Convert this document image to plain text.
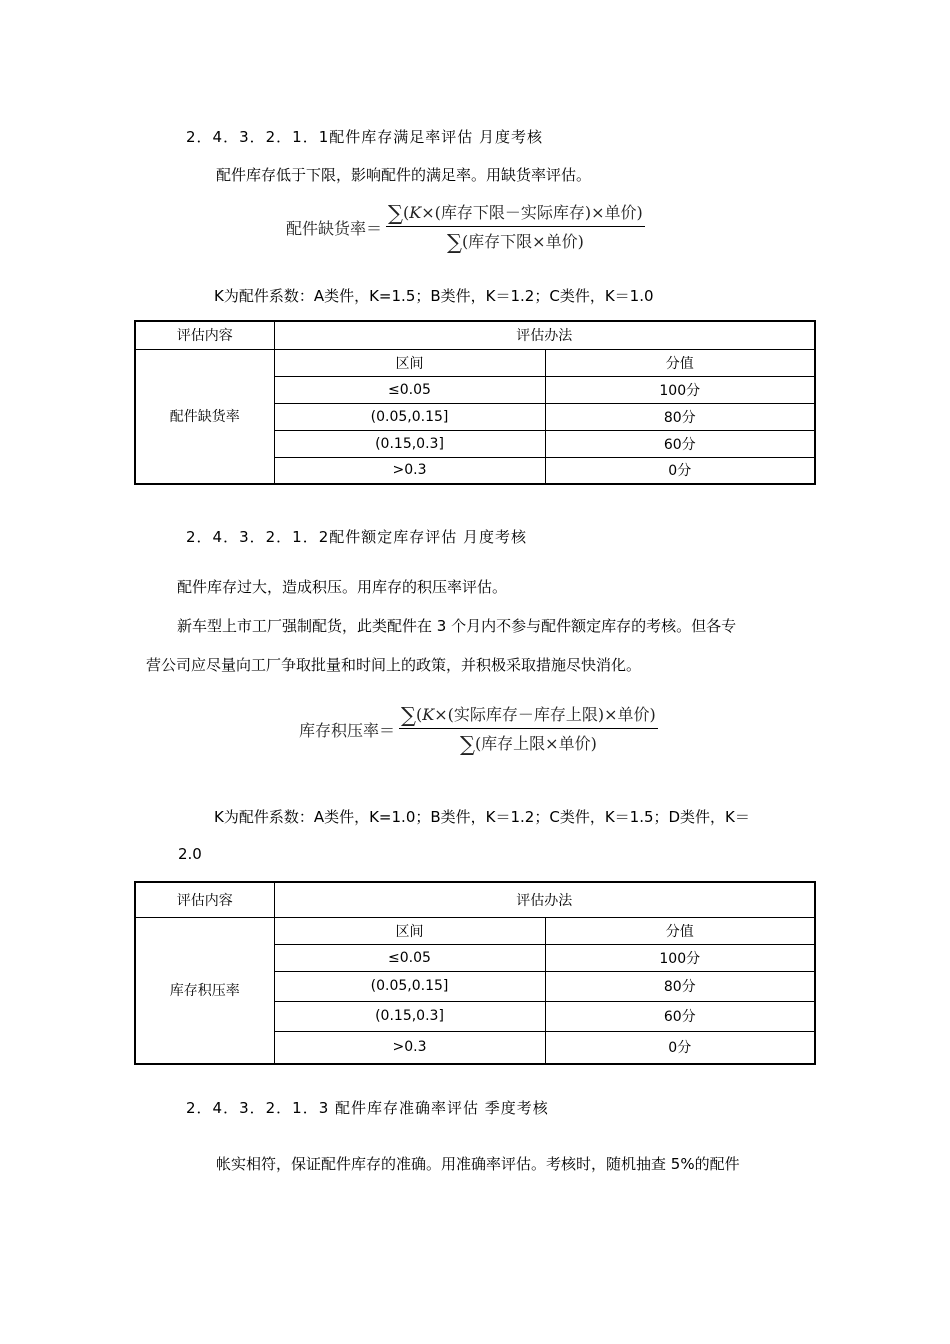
2．4．3．2．1．1配件库存满足率评估 月度考核
配件库存低于下限，影响配件的满足率。用缺货率评估。
配件缺货率＝ $\frac{\text{∑(K×(库存下限－实际库存)×单价)}}{\text{∑(库存下限×单价)}}$
K为配件系数：A类件，K=1.5；B类件，K＝1.2；C类件，K＝1.0
评估内容	评估办法	
配件缺货率	区间	分值
	≤0.05	100分
	(0.05,0.15]	80分
	(0.15,0.3]	60分
	>0.3	0分
2．4．3．2．1．2配件额定库存评估 月度考核
配件库存过大，造成积压。用库存的积压率评估。
新车型上市工厂强制配货，此类配件在 3 个月内不参与配件额定库存的考核。但各专
营公司应尽量向工厂争取批量和时间上的政策，并积极采取措施尽快消化。
库存积压率＝ $\frac{\text{∑(K×(实际库存－库存上限)×单价)}}{\text{∑(库存上限×单价)}}$
K为配件系数：A类件，K=1.0；B类件，K＝1.2；C类件，K＝1.5；D类件，K＝
2.0
评估内容	评估办法	
库存积压率	区间	分值
	≤0.05	100分
	(0.05,0.15]	80分
	(0.15,0.3]	60分
	>0.3	0分
2．4．3．2．1．3 配件库存准确率评估 季度考核
帐实相符，保证配件库存的准确。用准确率评估。考核时，随机抽查 5%的配件
